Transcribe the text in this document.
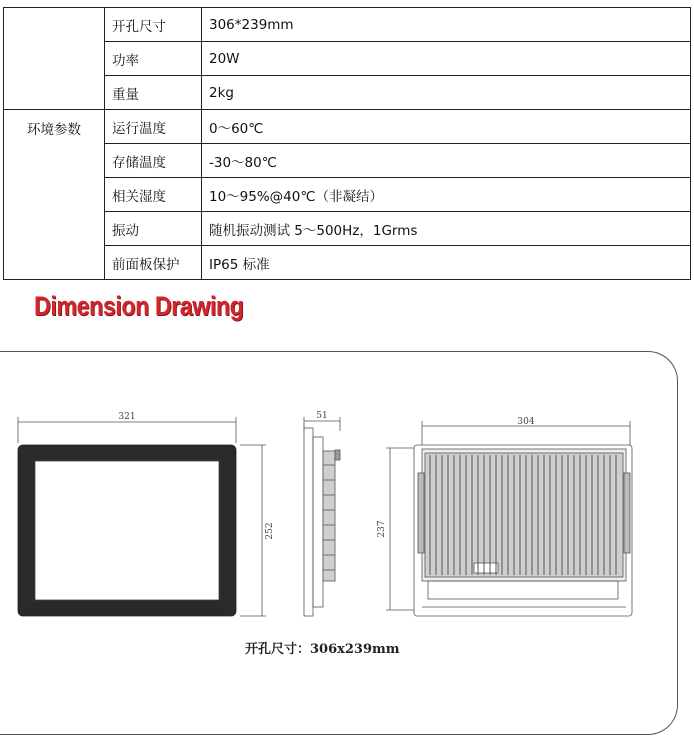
	开孔尺寸	306*239mm
	功率	20W
	重量	2kg
环境参数	运行温度	0～60℃
	存储温度	-30～80℃
	相关湿度	10～95%@40℃（非凝结）
	振动	随机振动测试 5～500Hz，1Grms
	前面板保护	IP65 标准
Dimension Drawing
321
252
51
304
237
开孔尺寸：306x239mm
